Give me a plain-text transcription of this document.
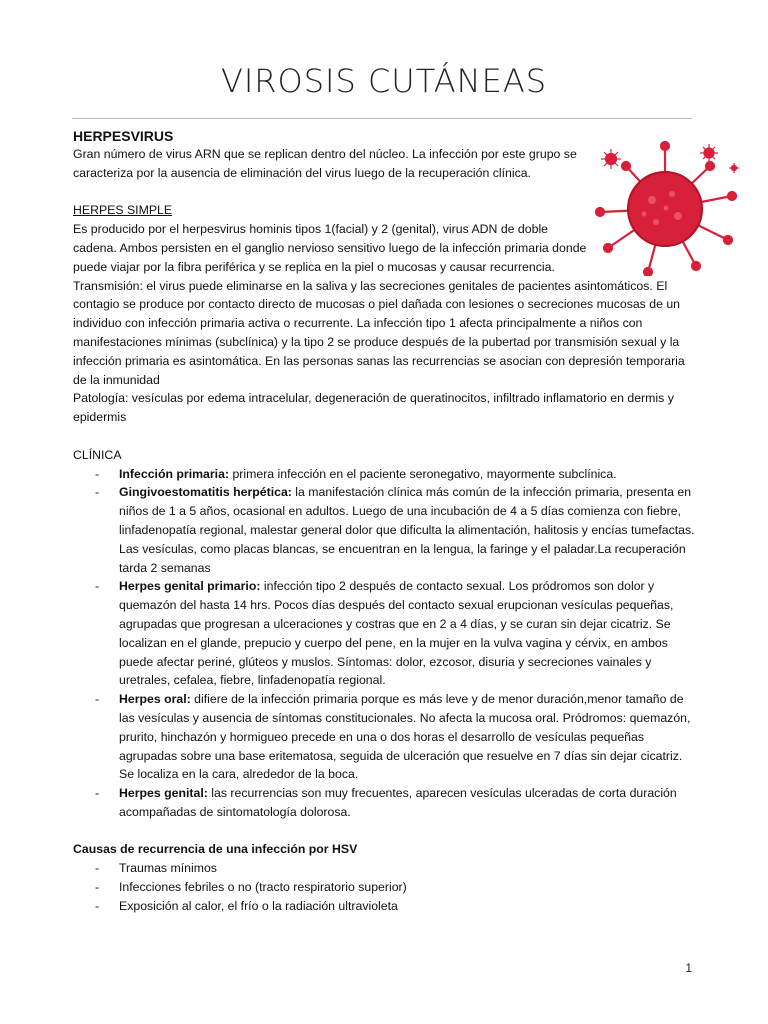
VIROSIS CUTÁNEAS

HERPESVIRUS

Gran número de virus ARN que se replican dentro del núcleo. La infección por este grupo se caracteriza por la ausencia de eliminación del virus luego de la recuperación clínica.

HERPES SIMPLE

Es producido por el herpesvirus hominis tipos 1(facial) y 2 (genital), virus ADN de doble cadena. Ambos persisten en el ganglio nervioso sensitivo luego de la infección primaria donde puede viajar por la fibra periférica y se replica en la piel o mucosas y causar recurrencia.

Transmisión: el virus puede eliminarse en la saliva y las secreciones genitales de pacientes asintomáticos. El contagio se produce por contacto directo de mucosas o piel dañada con lesiones o secreciones mucosas de un individuo con infección primaria activa o recurrente. La infección tipo 1 afecta principalmente a niños con manifestaciones mínimas (subclínica) y la tipo 2 se produce después de la pubertad por transmisión sexual y la infección primaria es asintomática. En las personas sanas las recurrencias se asocian con depresión temporaria de la inmunidad

Patología: vesículas por edema intracelular, degeneración de queratinocitos, infiltrado inflamatorio en dermis y epidermis

CLÍNICA

- Infección primaria: primera infección en el paciente seronegativo, mayormente subclínica.
- Gingivoestomatitis herpética: la manifestación clínica más común de la infección primaria, presenta en niños de 1 a 5 años, ocasional en adultos. Luego de una incubación de 4 a 5 días comienza con fiebre, linfadenopatía regional, malestar general dolor que dificulta la alimentación, halitosis y encías tumefactas. Las vesículas, como placas blancas, se encuentran en la lengua, la faringe y el paladar.La recuperación tarda 2 semanas
- Herpes genital primario: infección tipo 2 después de contacto sexual. Los pródromos son dolor y quemazón del hasta 14 hrs. Pocos días después del contacto sexual erupcionan vesículas pequeñas, agrupadas que progresan a ulceraciones y costras que en 2 a 4 días, y se curan sin dejar cicatriz. Se localizan en el glande, prepucio y cuerpo del pene, en la mujer en la vulva vagina y cérvix, en ambos puede afectar periné, glúteos y muslos. Síntomas: dolor, ezcosor, disuria y secreciones vainales y uretrales, cefalea, fiebre, linfadenopatía regional.
- Herpes oral: difiere de la infección primaria porque es más leve y de menor duración,menor tamaño de las vesículas y ausencia de síntomas constitucionales. No afecta la mucosa oral. Pródromos: quemazón, prurito, hinchazón y hormigueo precede en una o dos horas el desarrollo de vesículas pequeñas agrupadas sobre una base eritematosa, seguida de ulceración que resuelve en 7 días sin dejar cicatriz. Se localiza en la cara, alrededor de la boca.
- Herpes genital: las recurrencias son muy frecuentes, aparecen vesículas ulceradas de corta duración acompañadas de sintomatología dolorosa.

Causas de recurrencia de una infección por HSV

- Traumas mínimos
- Infecciones febriles o no (tracto respiratorio superior)
- Exposición al calor, el frío o la radiación ultravioleta
1
